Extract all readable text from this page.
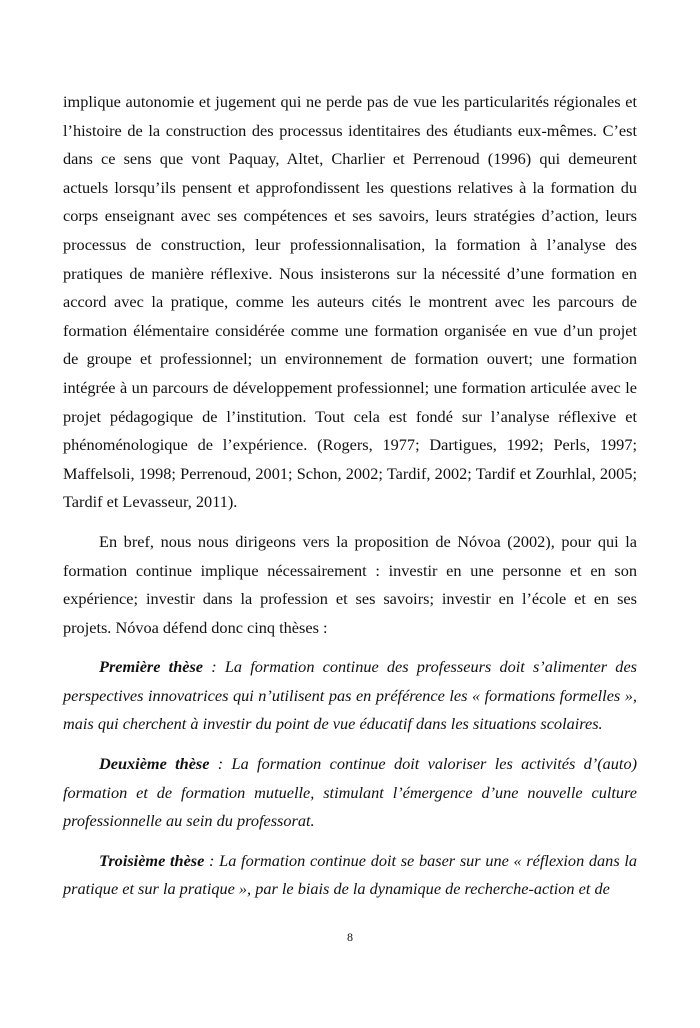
implique autonomie et jugement qui ne perde pas de vue les particularités régionales et l’histoire de la construction des processus identitaires des étudiants eux-mêmes. C’est dans ce sens que vont Paquay, Altet, Charlier et Perrenoud (1996) qui demeurent actuels lorsqu’ils pensent et approfondissent les questions relatives à la formation du corps enseignant avec ses compétences et ses savoirs, leurs stratégies d’action, leurs processus de construction, leur professionnalisation, la formation à l’analyse des pratiques de manière réflexive. Nous insisterons sur la nécessité d’une formation en accord avec la pratique, comme les auteurs cités le montrent avec les parcours de formation élémentaire considérée comme une formation organisée en vue d’un projet de groupe et professionnel; un environnement de formation ouvert; une formation intégrée à un parcours de développement professionnel; une formation articulée avec le projet pédagogique de l’institution. Tout cela est fondé sur l’analyse réflexive et phénoménologique de l’expérience. (Rogers, 1977; Dartigues, 1992; Perls, 1997; Maffelsoli, 1998; Perrenoud, 2001; Schon, 2002; Tardif, 2002; Tardif et Zourhlal, 2005; Tardif et Levasseur, 2011).

En bref, nous nous dirigeons vers la proposition de Nóvoa (2002), pour qui la formation continue implique nécessairement : investir en une personne et en son expérience; investir dans la profession et ses savoirs; investir en l’école et en ses projets. Nóvoa défend donc cinq thèses :

Première thèse : La formation continue des professeurs doit s’alimenter des perspectives innovatrices qui n’utilisent pas en préférence les « formations formelles », mais qui cherchent à investir du point de vue éducatif dans les situations scolaires.

Deuxième thèse : La formation continue doit valoriser les activités d’(auto) formation et de formation mutuelle, stimulant l’émergence d’une nouvelle culture professionnelle au sein du professorat.

Troisième thèse : La formation continue doit se baser sur une « réflexion dans la pratique et sur la pratique », par le biais de la dynamique de recherche-action et de

8
